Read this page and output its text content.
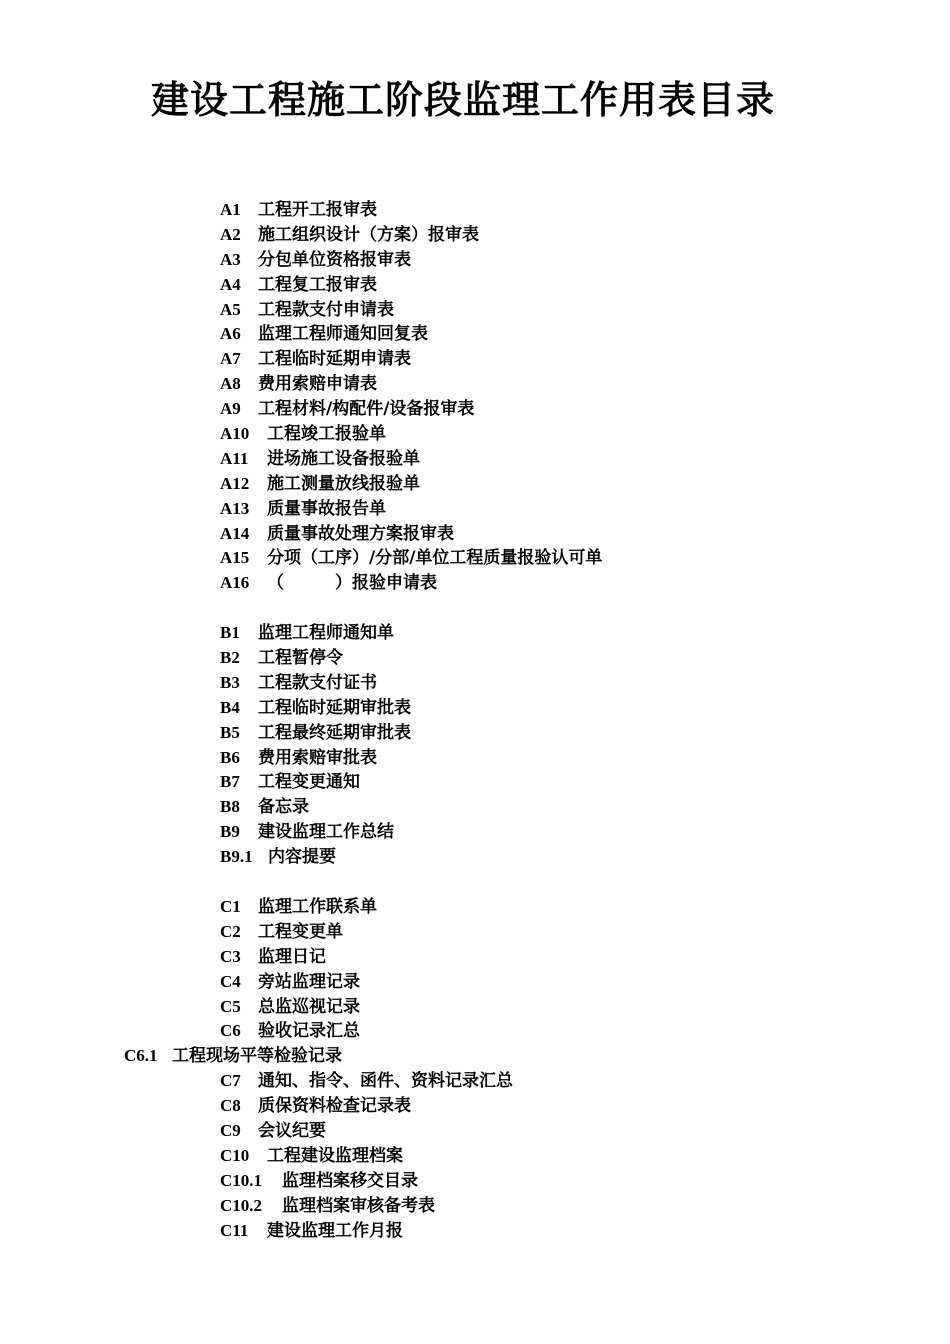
建设工程施工阶段监理工作用表目录
A1 工程开工报审表
A2 施工组织设计（方案）报审表
A3 分包单位资格报审表
A4 工程复工报审表
A5 工程款支付申请表
A6 监理工程师通知回复表
A7 工程临时延期申请表
A8 费用索赔申请表
A9 工程材料/构配件/设备报审表
A10 工程竣工报验单
A11 进场施工设备报验单
A12 施工测量放线报验单
A13 质量事故报告单
A14 质量事故处理方案报审表
A15 分项（工序）/分部/单位工程质量报验认可单
A16 （　　　）报验申请表
B1 监理工程师通知单
B2 工程暂停令
B3 工程款支付证书
B4 工程临时延期审批表
B5 工程最终延期审批表
B6 费用索赔审批表
B7 工程变更通知
B8 备忘录
B9 建设监理工作总结
B9.1 内容提要
C1 监理工作联系单
C2 工程变更单
C3 监理日记
C4 旁站监理记录
C5 总监巡视记录
C6 验收记录汇总
C6.1 工程现场平等检验记录
C7 通知、指令、函件、资料记录汇总
C8 质保资料检查记录表
C9 会议纪要
C10 工程建设监理档案
C10.1 监理档案移交目录
C10.2 监理档案审核备考表
C11 建设监理工作月报
